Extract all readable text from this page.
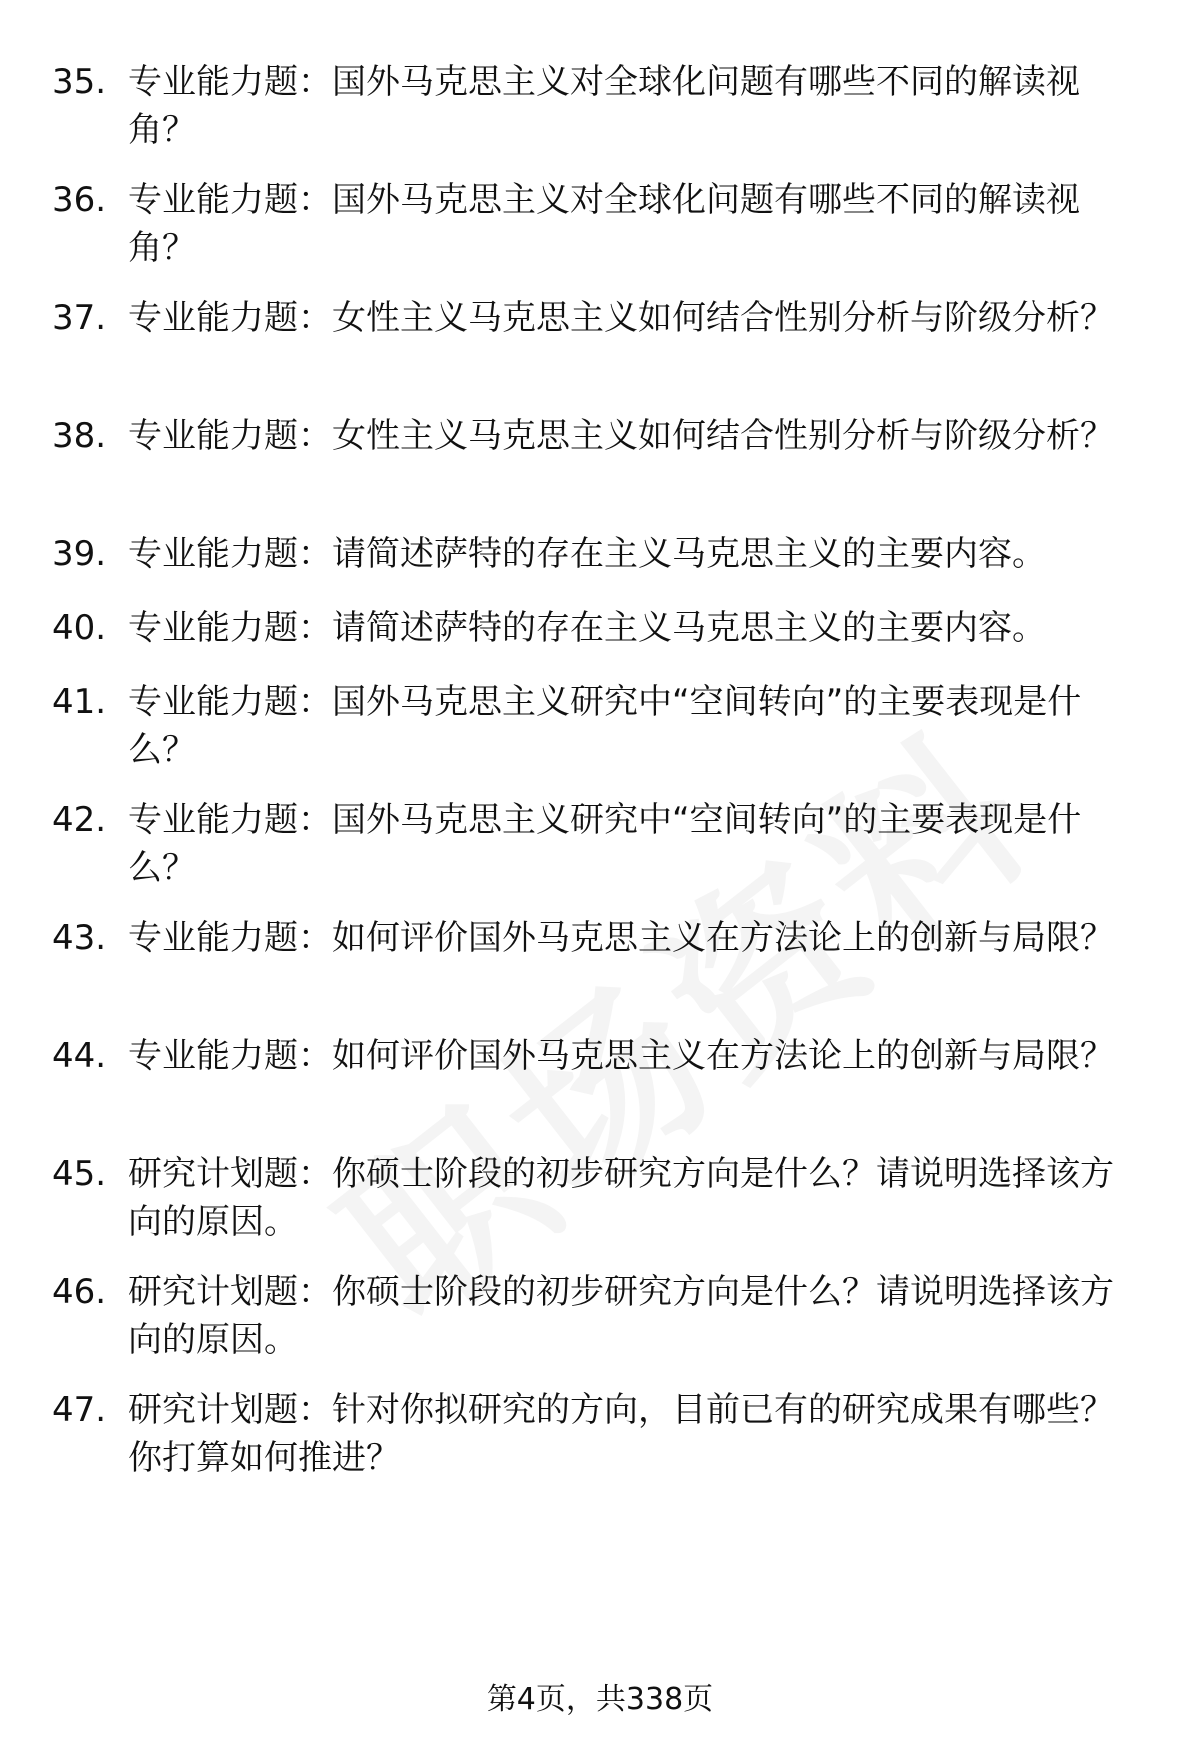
35. 专业能力题：国外马克思主义对全球化问题有哪些不同的解读视角？
36. 专业能力题：国外马克思主义对全球化问题有哪些不同的解读视角？
37. 专业能力题：女性主义马克思主义如何结合性别分析与阶级分析？
38. 专业能力题：女性主义马克思主义如何结合性别分析与阶级分析？
39. 专业能力题：请简述萨特的存在主义马克思主义的主要内容。
40. 专业能力题：请简述萨特的存在主义马克思主义的主要内容。
41. 专业能力题：国外马克思主义研究中“空间转向”的主要表现是什么？
42. 专业能力题：国外马克思主义研究中“空间转向”的主要表现是什么？
43. 专业能力题：如何评价国外马克思主义在方法论上的创新与局限？
44. 专业能力题：如何评价国外马克思主义在方法论上的创新与局限？
45. 研究计划题：你硕士阶段的初步研究方向是什么？请说明选择该方向的原因。
46. 研究计划题：你硕士阶段的初步研究方向是什么？请说明选择该方向的原因。
47. 研究计划题：针对你拟研究的方向，目前已有的研究成果有哪些？你打算如何推进？
第4页，共338页
